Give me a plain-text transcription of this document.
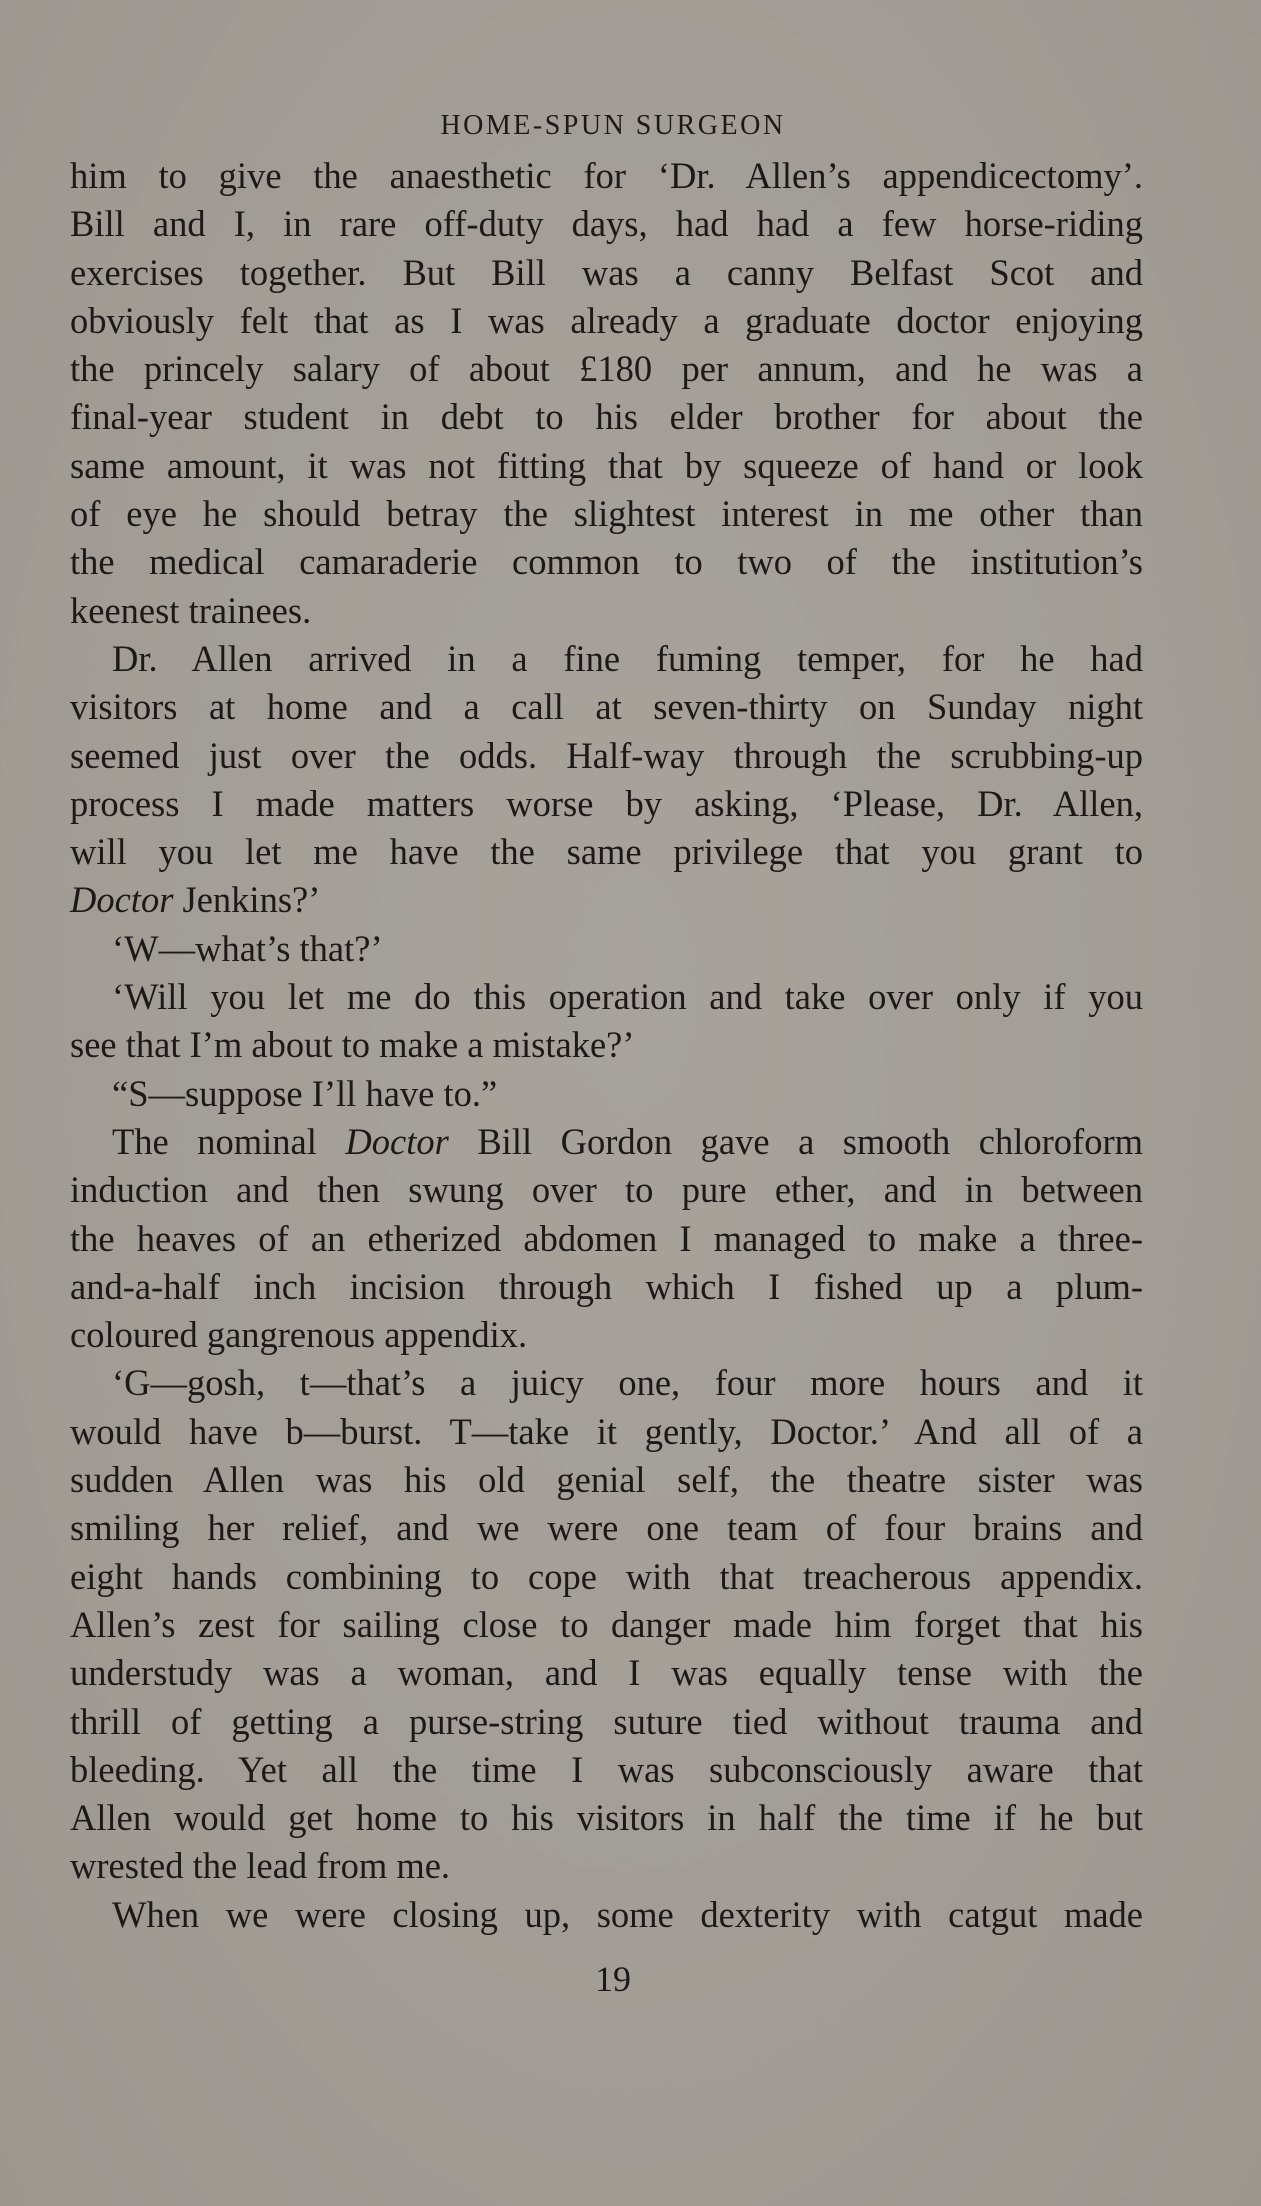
HOME-SPUN SURGEON
him to give the anaesthetic for ‘Dr. Allen’s appendicectomy’.
Bill and I, in rare off-duty days, had had a few horse-riding
exercises together. But Bill was a canny Belfast Scot and
obviously felt that as I was already a graduate doctor enjoying
the princely salary of about £180 per annum, and he was a
final-year student in debt to his elder brother for about the
same amount, it was not fitting that by squeeze of hand or look
of eye he should betray the slightest interest in me other than
the medical camaraderie common to two of the institution’s
keenest trainees.
Dr. Allen arrived in a fine fuming temper, for he had
visitors at home and a call at seven-thirty on Sunday night
seemed just over the odds. Half-way through the scrubbing-up
process I made matters worse by asking, ‘Please, Dr. Allen,
will you let me have the same privilege that you grant to
Doctor Jenkins?’
‘W—what’s that?’
‘Will you let me do this operation and take over only if you
see that I’m about to make a mistake?’
“S—suppose I’ll have to.”
The nominal Doctor Bill Gordon gave a smooth chloroform
induction and then swung over to pure ether, and in between
the heaves of an etherized abdomen I managed to make a three-
and-a-half inch incision through which I fished up a plum-
coloured gangrenous appendix.
‘G—gosh, t—that’s a juicy one, four more hours and it
would have b—burst. T—take it gently, Doctor.’ And all of a
sudden Allen was his old genial self, the theatre sister was
smiling her relief, and we were one team of four brains and
eight hands combining to cope with that treacherous appendix.
Allen’s zest for sailing close to danger made him forget that his
understudy was a woman, and I was equally tense with the
thrill of getting a purse-string suture tied without trauma and
bleeding. Yet all the time I was subconsciously aware that
Allen would get home to his visitors in half the time if he but
wrested the lead from me.
When we were closing up, some dexterity with catgut made
19
